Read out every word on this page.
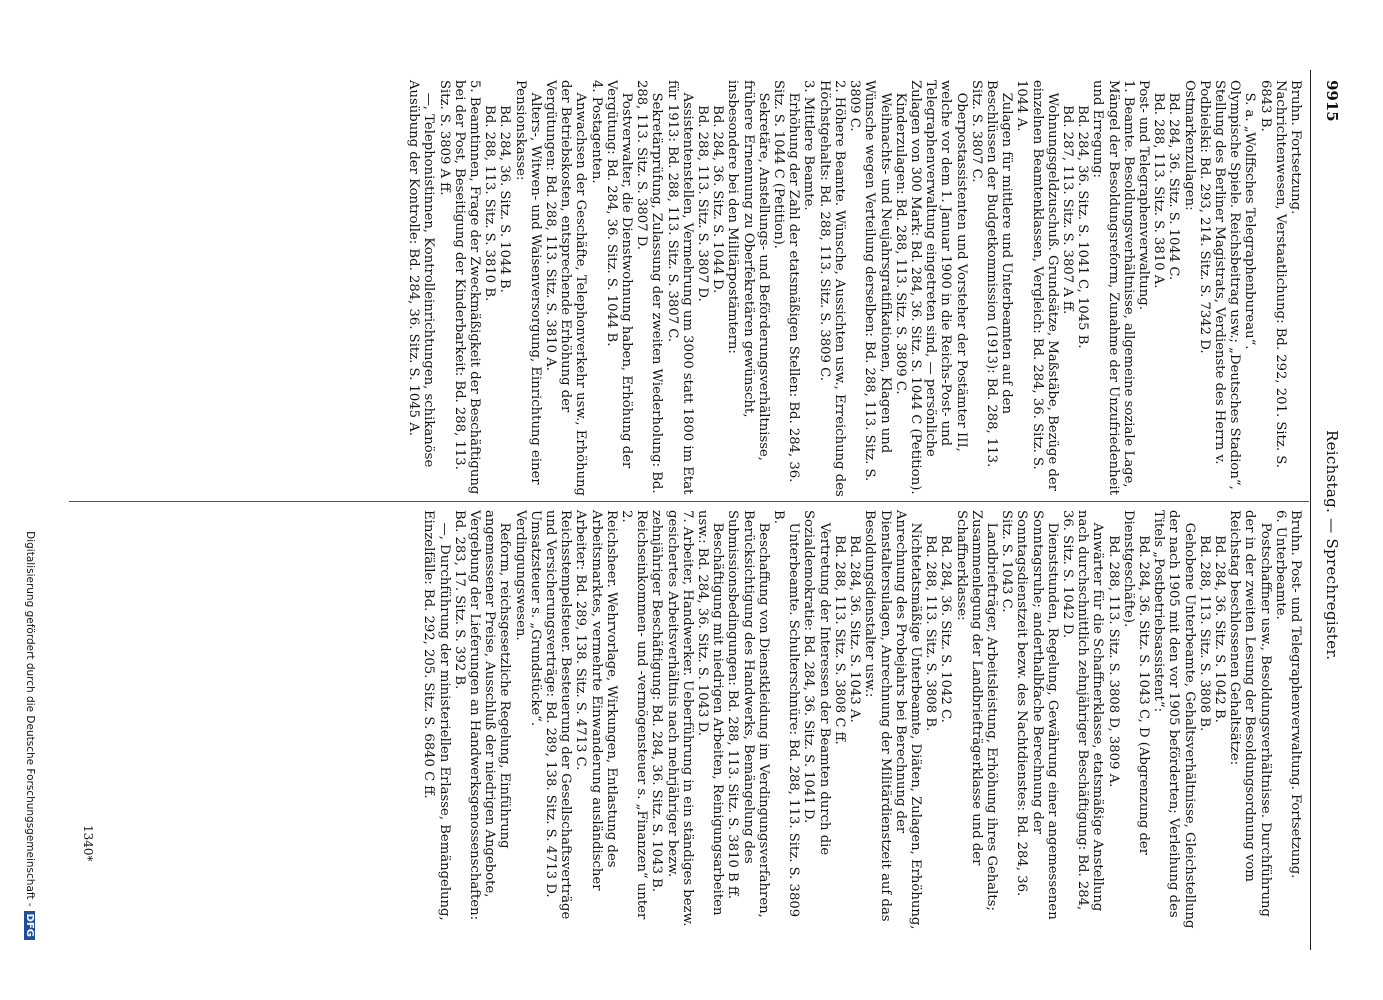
Reichstag. — Sprechregister.
9915
Bruhn. Fortsetzung.
Nachrichtenwesen, Verstaatlichung: Bd. 292, 201. Sitz. S. 6843 B.
S. a. „Wolffsches Telegraphenbureau“.
Olympische Spiele. Reichsbeitrag usw.; „Deutsches Stadion“, Stellung des Berliner Magistrats, Verdienste des Herrn v. Podbielski: Bd. 293, 214. Sitz. S. 7342 D.
Ostmarkenzulagen:
Bd. 284, 36. Sitz. S. 1044 C.
Bd. 288, 113. Sitz. S. 3810 A.
Post- und Telegraphenverwaltung.
1. Beamte. Besoldungsverhältnisse, allgemeine soziale Lage, Mängel der Besoldungsreform, Zunahme der Unzufriedenheit und Erregung:
Bd. 284, 36. Sitz. S. 1041 C, 1045 B.
Bd. 287, 113. Sitz. S. 3807 A ff.
Wohnungsgeldzuschuß. Grundsätze, Maßstäbe, Bezüge der einzelnen Beamtenklassen, Vergleich: Bd. 284, 36. Sitz. S. 1044 A.
Zulagen für mittlere und Unterbeamten auf den Beschlüssen der Budgetkommission (1913): Bd. 288, 113. Sitz. S. 3807 C.
Oberpostassistenten und Vorsteher der Postämter III, welche vor dem 1. Januar 1900 in die Reichs-Post- und Telegraphenverwaltung eingetreten sind, — persönliche Zulagen von 300 Mark: Bd. 284, 36. Sitz. S. 1044 C (Petition).
Kinderzulagen: Bd. 288, 113. Sitz. S. 3809 C.
Weihnachts- und Neujahrsgratifikationen, Klagen und Wünsche wegen Verteilung derselben: Bd. 288, 113. Sitz. S. 3809 C.
2. Höhere Beamte. Wünsche, Aussichten usw., Erreichung des Höchstgehalts: Bd. 288, 113. Sitz. S. 3809 C.
3. Mittlere Beamte.
Erhöhung der Zahl der etatsmäßigen Stellen: Bd. 284, 36. Sitz. S. 1044 C (Petition).
Sekretäre, Anstellungs- und Beförderungsverhältnisse, frühere Ernennung zu Oberfekretären gewünscht, insbesondere bei den Militärpostämtern:
Bd. 284, 36. Sitz. S. 1044 D.
Bd. 288, 113. Sitz. S. 3807 D.
Assistentenstellen, Vermehrung um 3000 statt 1800 im Etat für 1913: Bd. 288, 113. Sitz. S. 3807 C.
Sekretärprüfung, Zulassung der zweiten Wiederholung: Bd. 288, 113. Sitz. S. 3807 D.
Postverwalter, die Dienstwohnung haben, Erhöhung der Vergütung: Bd. 284, 36. Sitz. S. 1044 B.
4. Postagenten.
Anwachsen der Geschäfte, Telephonverkehr usw., Erhöhung der Betriebskosten, entsprechende Erhöhung der Vergütungen: Bd. 288, 113. Sitz. S. 3810 A.
Alters-, Witwen- und Waisenversorgung, Einrichtung einer Pensionskasse:
Bd. 284, 36. Sitz. S. 1044 B.
Bd. 288, 113. Sitz. S. 3810 B.
5. Beamtinnen, Frage der Zweckmäßigkeit der Beschäftigung bei der Post, Beseitigung der Kinderbarkeit: Bd. 288, 113. Sitz. S. 3809 A ff.
—, Telephonistinnen, Kontrolleinrichtungen, schikanöse Ausübung der Kontrolle: Bd. 284, 36. Sitz. S. 1045 A.
Bruhn. Post- und Telegraphenverwaltung. Fortsetzung.
6. Unterbeamte.
Postschaffner usw., Besoldungsverhältnisse. Durchführung der in der zweiten Lesung der Besoldungsordnung vom Reichstag beschlossenen Gehaltsätze:
Bd. 284, 36. Sitz. S. 1042 B.
Bd. 288, 113. Sitz. S. 3808 B.
Gehobene Unterbeamte, Gehaltsverhältnisse, Gleichstellung der nach 1905 mit den vor 1905 beförderten; Verleihung des Titels „Postbetriebsassistent“:
Bd. 284, 36. Sitz. S. 1043 C, D (Abgrenzung der Dienstgeschäfte).
Bd. 288, 113. Sitz. S. 3808 D, 3809 A.
Anwärter für die Schaffnerklasse, etatsmäßige Anstellung nach durchschnittlich zehnjähriger Beschäftigung: Bd. 284, 36. Sitz. S. 1042 D.
Dienststunden, Regelung, Gewährung einer angemessenen Sonntagsruhe; anderthalbfache Berechnung der Sonntagsdienstzeit bezw. des Nachtdienstes: Bd. 284, 36. Sitz. S. 1043 C.
Landbriefträger, Arbeitsleistung, Erhöhung ihres Gehalts; Zusammenlegung der Landbriefträgerklasse und der Schaffnerklasse:
Bd. 284, 36. Sitz. S. 1042 C.
Bd. 288, 113. Sitz. S. 3808 B.
Nichtetatsmäßige Unterbeamte, Diäten, Zulagen, Erhöhung, Anrechnung des Probejahrs bei Berechnung der Dienstaltersulagen, Anrechnung der Militärdienstzeit auf das Besoldungsdienstalter usw.:
Bd. 284, 36. Sitz. S. 1043 A.
Bd. 288, 113. Sitz. S. 3808 C ff.
Vertretung der Interessen der Beamten durch die Sozialdemokratie: Bd. 284, 36. Sitz. S. 1041 D.
Unterbeamte. Schulterschnüre: Bd. 288, 113. Sitz. S. 3809 B.
Beschaffung von Dienstkleidung im Verdingungsverfahren, Berücksichtigung des Handwerks, Bemängelung des Submissionsbedingungen: Bd. 288, 113. Sitz. S. 3810 B ff.
Beschäftigung mit niedrigen Arbeiten, Reinigungsarbeiten usw.: Bd. 284, 36. Sitz. S. 1043 D.
7. Arbeiter, Handwerker. Ueberführung in ein ständiges bezw. gesichertes Arbeitsverhältnis nach mehrjähriger bezw. zehnjähriger Beschäftigung: Bd. 284, 36. Sitz. S. 1043 B.
Reichseinkommen- und -vermögensteuer s. „Finanzen“ unter 2.
Reichsheer. Wehrvorlage, Wirkungen, Entlastung des Arbeitsmarktes, vermehrte Einwanderung ausländischer Arbeiter: Bd. 289, 138. Sitz. S. 4713 C.
Reichsstempelsteuer. Besteuerung der Gesellschaftsverträge und Versicherungsverträge: Bd. 289, 138. Sitz. S. 4713 D.
Umsatzsteuer s. „Grundstücke“.
Verdingungswesen.
Reform, reichsgesetzliche Regelung, Einführung angemessener Preise, Ausschluß der niedrigen Angebote, Vergebung der Lieferungen an Handwerksgenossenschaften: Bd. 283, 17. Sitz. S. 392 B.
—, Durchführung der ministeriellen Erlasse, Bemängelung, Einzelfälle: Bd. 292, 205. Sitz. S. 6840 C ff.
1340*
Digitalisierung gefördert durch die Deutsche Forschungsgemeinschaft -DFG
